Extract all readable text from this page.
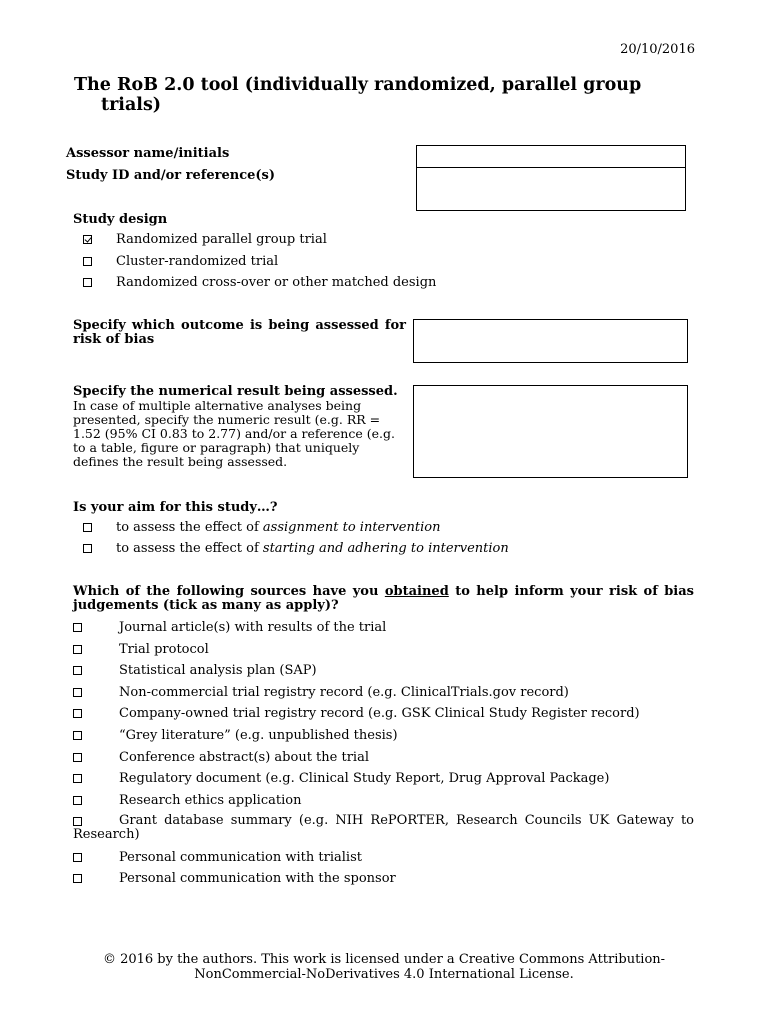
20/10/2016
The RoB 2.0 tool (individually randomized, parallel group
trials)
Assessor name/initials
Study ID and/or reference(s)
Study design
Randomized parallel group trial
Cluster-randomized trial
Randomized cross-over or other matched design
Specify which outcome is being assessed for risk of bias
Specify the numerical result being assessed.
In case of multiple alternative analyses being
presented, specify the numeric result (e.g. RR =
1.52 (95% CI 0.83 to 2.77) and/or a reference (e.g.
to a table, figure or paragraph) that uniquely
defines the result being assessed.
Is your aim for this study…?
to assess the effect of assignment to intervention
to assess the effect of starting and adhering to intervention
Which of the following sources have you obtained to help inform your risk of bias judgements (tick as many as apply)?
Journal article(s) with results of the trial
Trial protocol
Statistical analysis plan (SAP)
Non-commercial trial registry record (e.g. ClinicalTrials.gov record)
Company-owned trial registry record (e.g. GSK Clinical Study Register record)
“Grey literature” (e.g. unpublished thesis)
Conference abstract(s) about the trial
Regulatory document (e.g. Clinical Study Report, Drug Approval Package)
Research ethics application
Grant database summary (e.g. NIH RePORTER, Research Councils UK Gateway to Research)
Personal communication with trialist
Personal communication with the sponsor
© 2016 by the authors. This work is licensed under a Creative Commons Attribution-
NonCommercial-NoDerivatives 4.0 International License.
